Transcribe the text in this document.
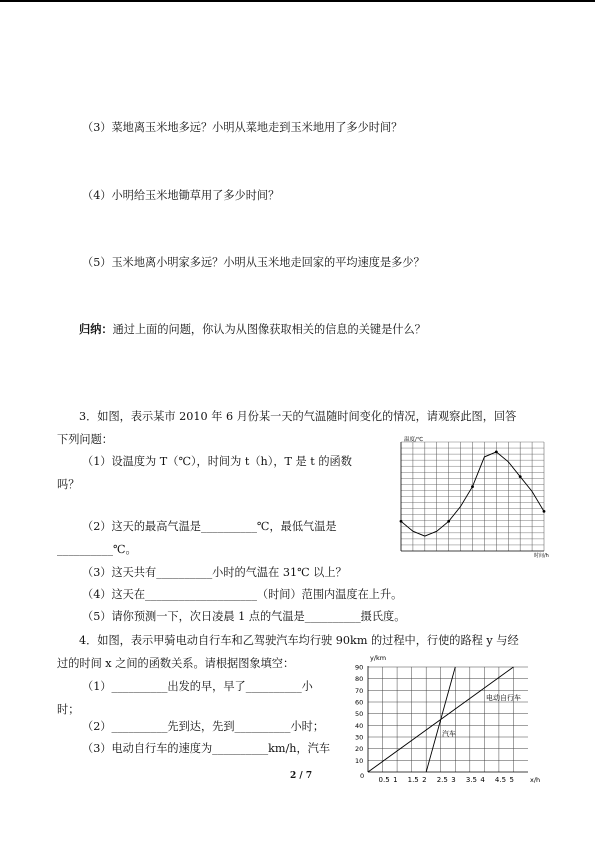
（3）菜地离玉米地多远？小明从菜地走到玉米地用了多少时间？
（4）小明给玉米地锄草用了多少时间？
（5）玉米地离小明家多远？小明从玉米地走回家的平均速度是多少？
归纳：通过上面的问题，你认为从图像获取相关的信息的关键是什么？
3．如图，表示某市 2010 年 6 月份某一天的气温随时间变化的情况，请观察此图，回答
下列问题：
（1）设温度为 T（℃），时间为 t（h），T 是 t 的函数
吗？
（2）这天的最高气温是__________℃，最低气温是
__________℃。
（3）这天共有__________小时的气温在 31℃ 以上？
（4）这天在____________________（时间）范围内温度在上升。
（5）请你预测一下，次日凌晨 1 点的气温是__________摄氏度。
4．如图，表示甲骑电动自行车和乙驾驶汽车均行驶 90km 的过程中，行使的路程 y 与经
过的时间 x 之间的函数关系。请根据图象填空：
（1）__________出发的早，早了__________小
时；
（2）__________先到达，先到__________小时；
（3）电动自行车的速度为__________km/h，汽车
2 / 7
温度/℃
时间/h
y/km
x/h
0 0.5 1 1.5 2 2.5 3 3.5 4 4.5 5
10
20
30
40
50
60
70
80
90
电动自行车
汽车
